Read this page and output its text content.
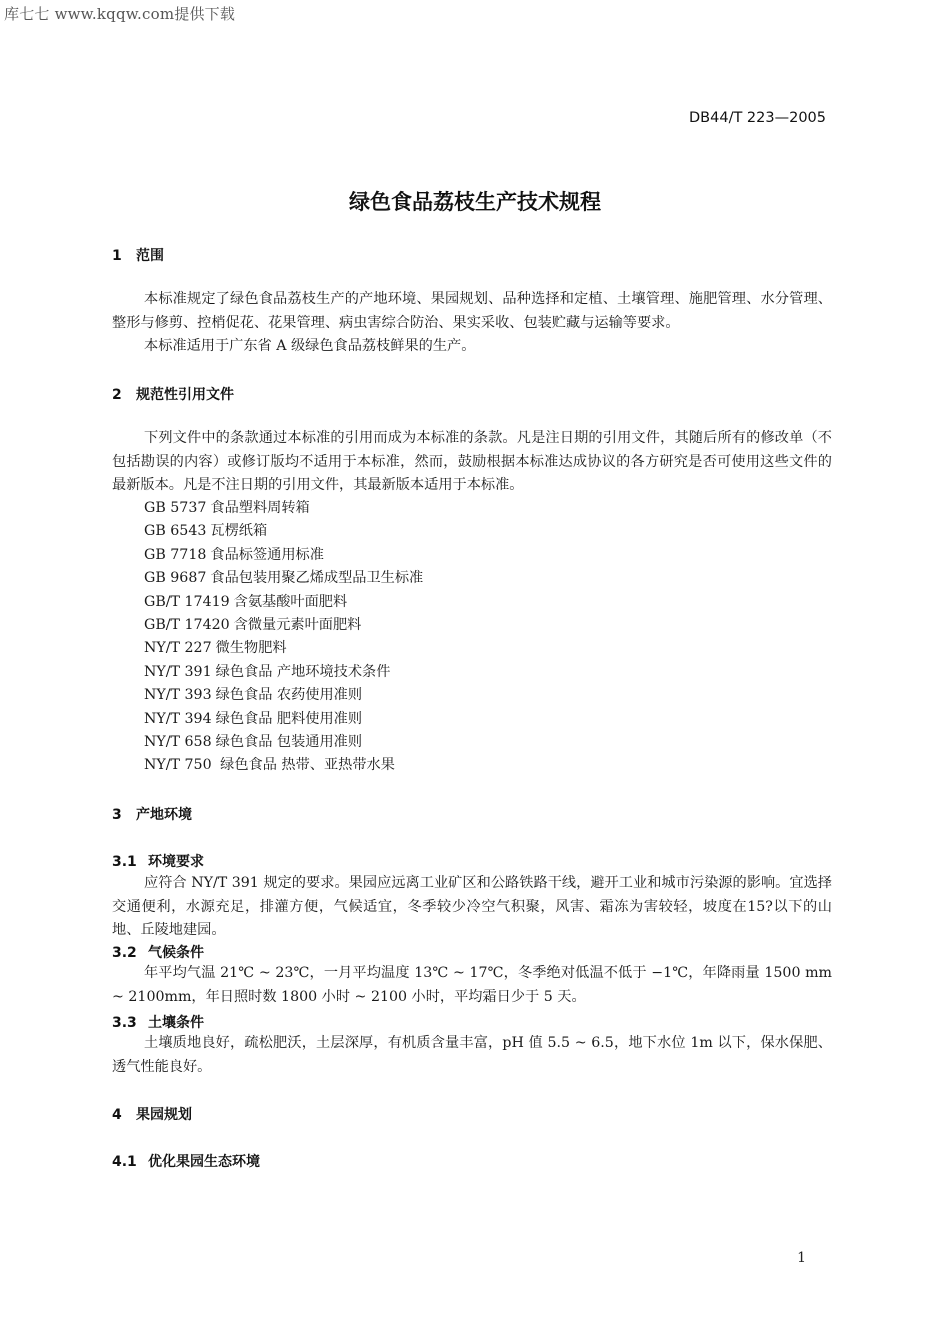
库七七 www.kqqw.com提供下载
DB44/T 223—2005
绿色食品荔枝生产技术规程
1 范围
本标准规定了绿色食品荔枝生产的产地环境、果园规划、品种选择和定植、土壤管理、施肥管理、水分管理、整形与修剪、控梢促花、花果管理、病虫害综合防治、果实采收、包装贮藏与运输等要求。
本标准适用于广东省 A 级绿色食品荔枝鲜果的生产。
2 规范性引用文件
下列文件中的条款通过本标准的引用而成为本标准的条款。凡是注日期的引用文件，其随后所有的修改单（不包括勘误的内容）或修订版均不适用于本标准，然而，鼓励根据本标准达成协议的各方研究是否可使用这些文件的最新版本。凡是不注日期的引用文件，其最新版本适用于本标准。
GB 5737 食品塑料周转箱
GB 6543 瓦楞纸箱
GB 7718 食品标签通用标准
GB 9687 食品包装用聚乙烯成型品卫生标准
GB/T 17419 含氨基酸叶面肥料
GB/T 17420 含微量元素叶面肥料
NY/T 227 微生物肥料
NY/T 391 绿色食品 产地环境技术条件
NY/T 393 绿色食品 农药使用准则
NY/T 394 绿色食品 肥料使用准则
NY/T 658 绿色食品 包装通用准则
NY/T 750 绿色食品 热带、亚热带水果
3 产地环境
3.1 环境要求
应符合 NY/T 391 规定的要求。果园应远离工业矿区和公路铁路干线，避开工业和城市污染源的影响。宜选择交通便利，水源充足，排灌方便，气候适宜，冬季较少冷空气积聚，风害、霜冻为害较轻，坡度在15?以下的山地、丘陵地建园。
3.2 气候条件
年平均气温 21℃ ~ 23℃，一月平均温度 13℃ ~ 17℃，冬季绝对低温不低于 −1℃，年降雨量 1500 mm ~ 2100mm，年日照时数 1800 小时 ~ 2100 小时，平均霜日少于 5 天。
3.3 土壤条件
土壤质地良好，疏松肥沃，土层深厚，有机质含量丰富，pH 值 5.5 ~ 6.5，地下水位 1m 以下，保水保肥、透气性能良好。
4 果园规划
4.1 优化果园生态环境
1
